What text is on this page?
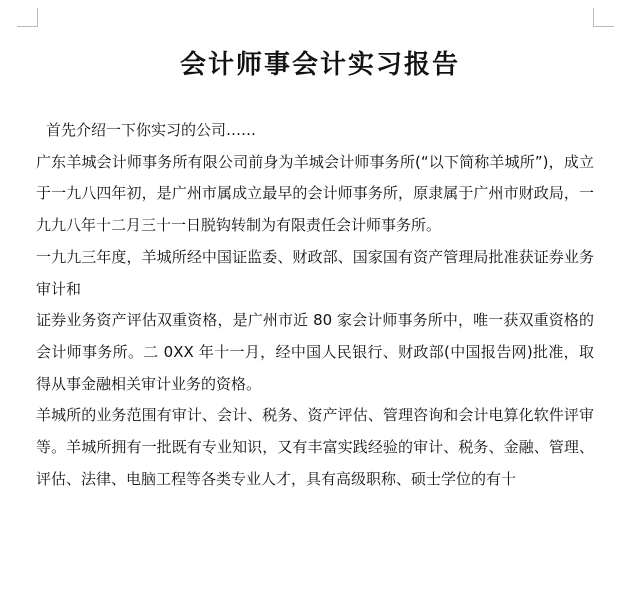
会计师事会计实习报告

首先介绍一下你实习的公司……

广东羊城会计师事务所有限公司前身为羊城会计师事务所(“以下简称羊城所”)，成立于一九八四年初，是广州市属成立最早的会计师事务所，原隶属于广州市财政局，一九九八年十二月三十一日脱钩转制为有限责任会计师事务所。

一九九三年度，羊城所经中国证监委、财政部、国家国有资产管理局批准获证券业务审计和

证券业务资产评估双重资格，是广州市近 80 家会计师事务所中，唯一获双重资格的会计师事务所。二 0XX 年十一月，经中国人民银行、财政部(中国报告网)批准，取得从事金融相关审计业务的资格。

羊城所的业务范围有审计、会计、税务、资产评估、管理咨询和会计电算化软件评审等。羊城所拥有一批既有专业知识，又有丰富实践经验的审计、税务、金融、管理、评估、法律、电脑工程等各类专业人才，具有高级职称、硕士学位的有十
